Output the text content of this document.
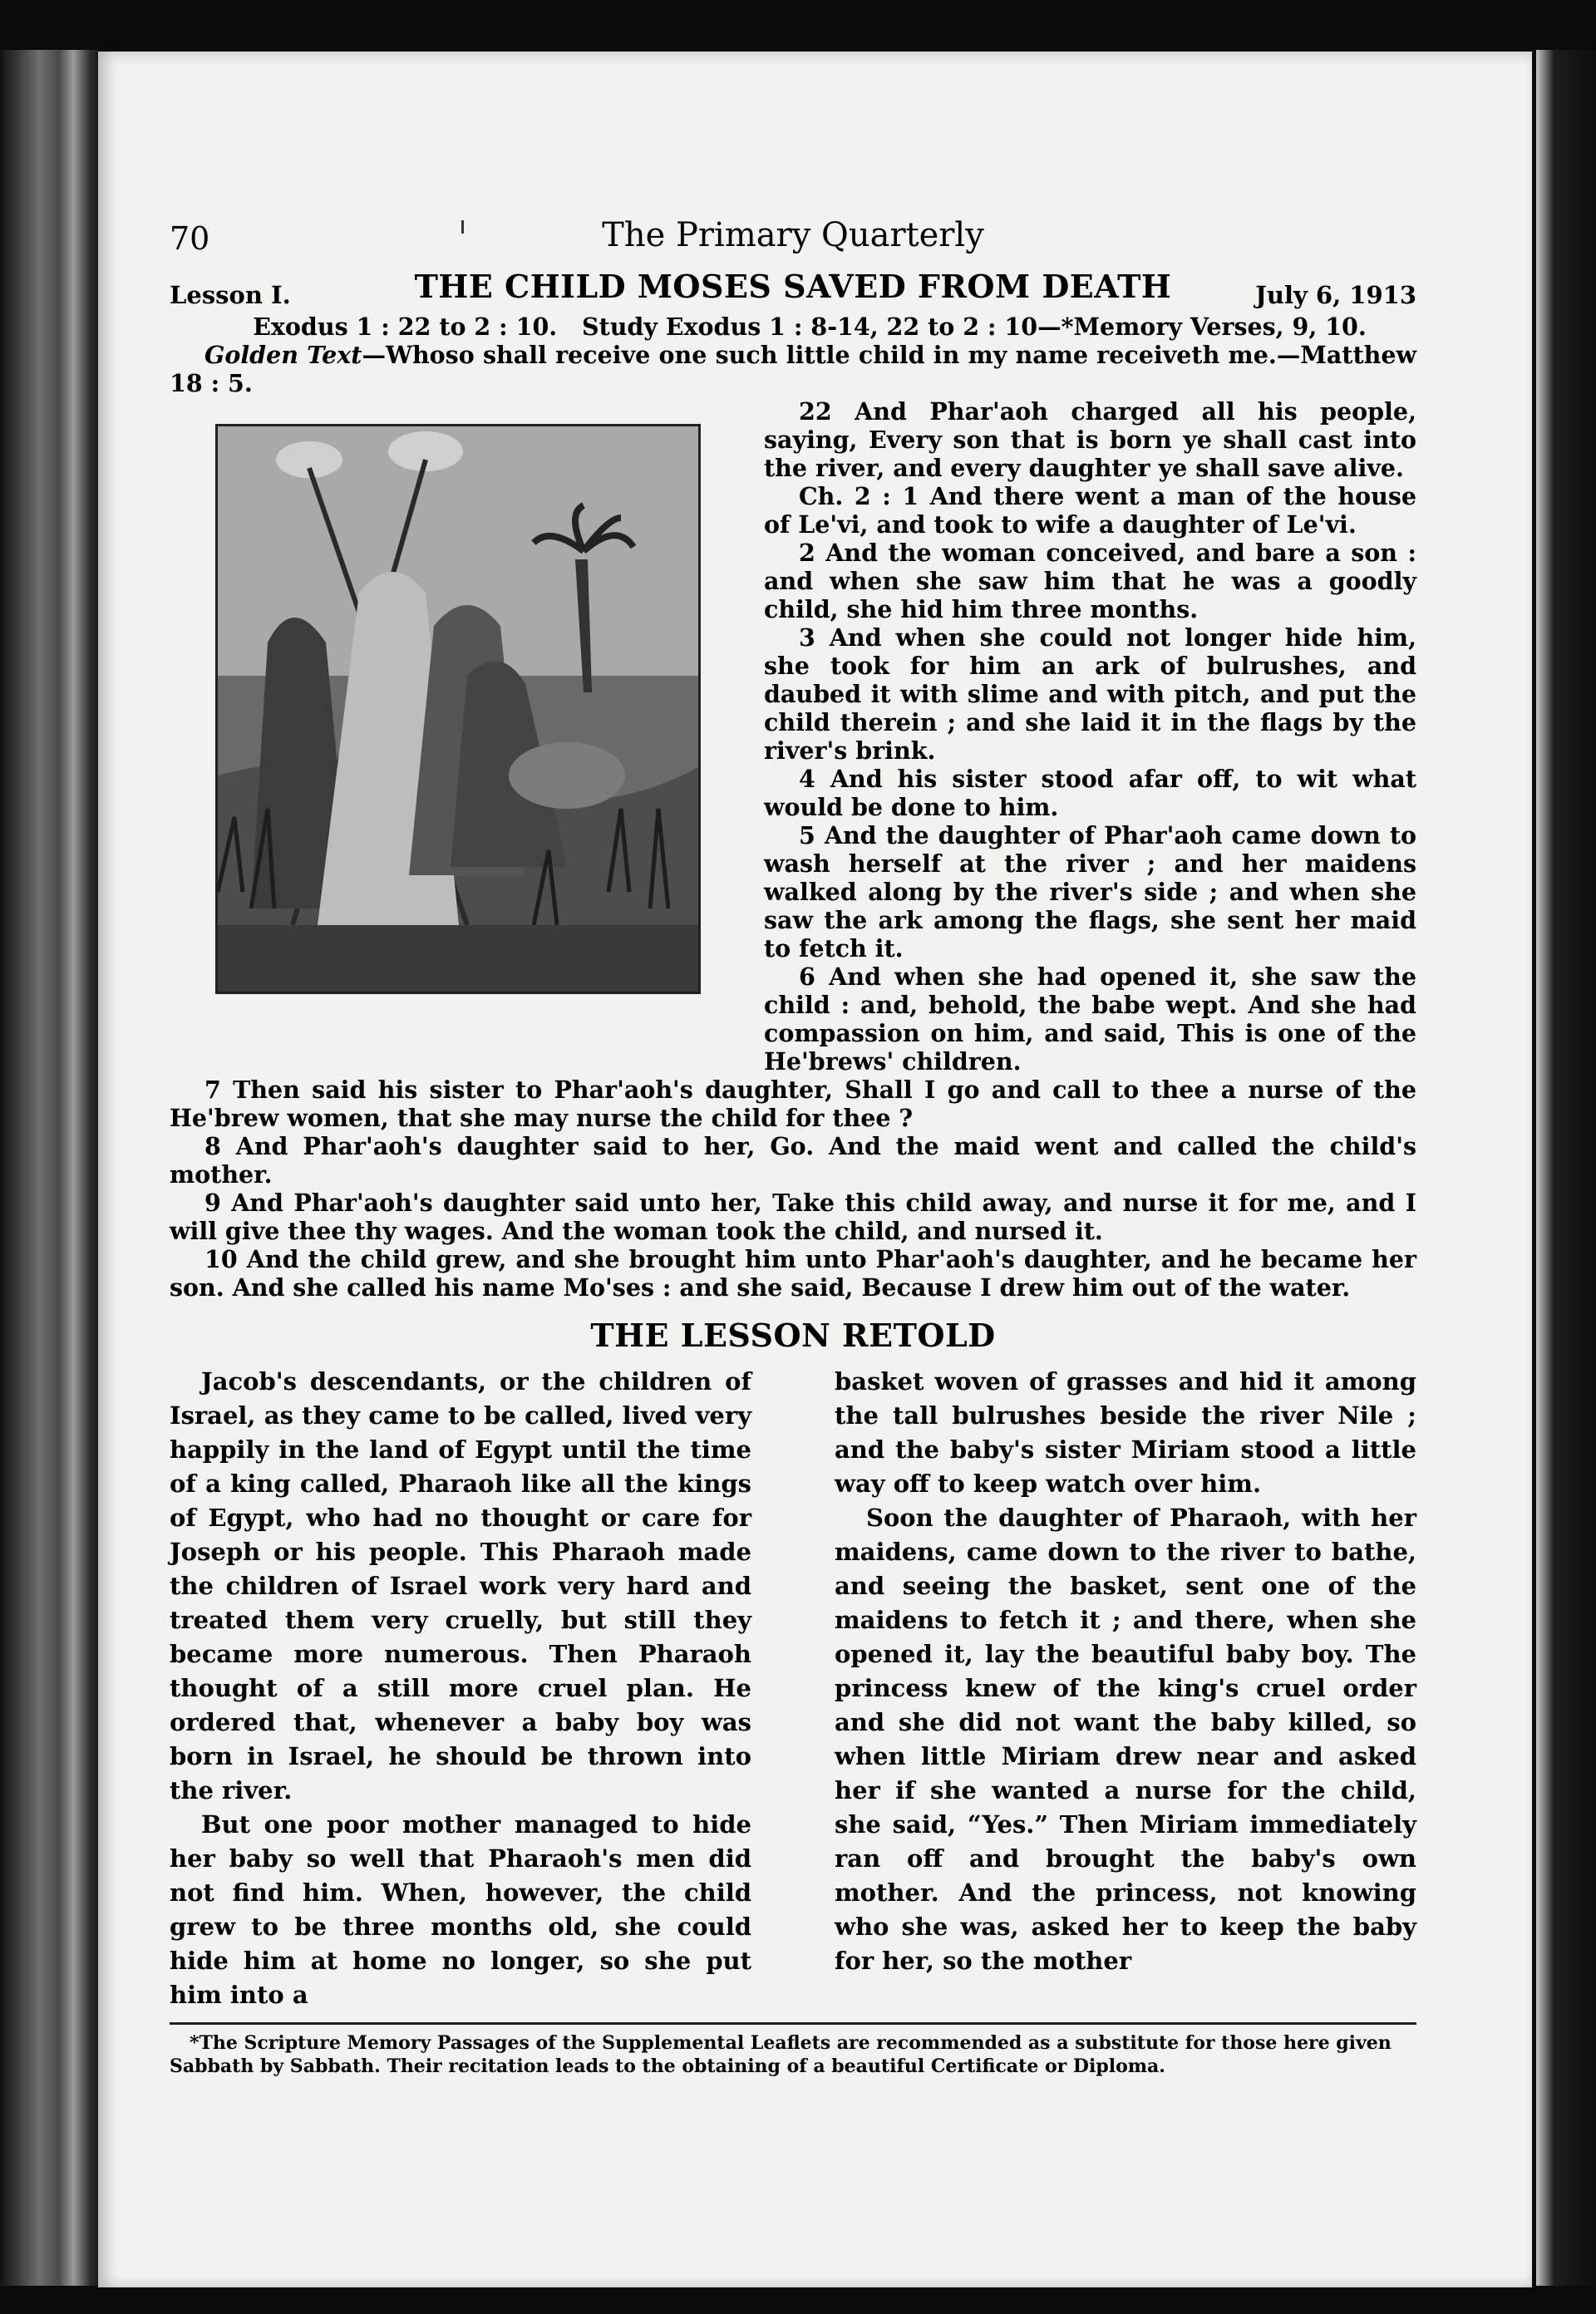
70	The Primary Quarterly
Lesson I.	THE CHILD MOSES SAVED FROM DEATH	July 6, 1913

Exodus 1 : 22 to 2 : 10.   Study Exodus 1 : 8-14, 22 to 2 : 10—*Memory Verses, 9, 10.

Golden Text—Whoso shall receive one such little child in my name receiveth me.—Matthew 18 : 5.

22 And Phar'aoh charged all his people, saying, Every son that is born ye shall cast into the river, and every daughter ye shall save alive.

Ch. 2 : 1 And there went a man of the house of Le'vi, and took to wife a daughter of Le'vi.

2 And the woman conceived, and bare a son : and when she saw him that he was a goodly child, she hid him three months.

3 And when she could not longer hide him, she took for him an ark of bulrushes, and daubed it with slime and with pitch, and put the child therein ; and she laid it in the flags by the river's brink.

4 And his sister stood afar off, to wit what would be done to him.

5 And the daughter of Phar'aoh came down to wash herself at the river ; and her maidens walked along by the river's side ; and when she saw the ark among the flags, she sent her maid to fetch it.

6 And when she had opened it, she saw the child : and, behold, the babe wept. And she had compassion on him, and said, This is one of the He'brews' children.

7 Then said his sister to Phar'aoh's daughter, Shall I go and call to thee a nurse of the He'brew women, that she may nurse the child for thee ?

8 And Phar'aoh's daughter said to her, Go. And the maid went and called the child's mother.

9 And Phar'aoh's daughter said unto her, Take this child away, and nurse it for me, and I will give thee thy wages. And the woman took the child, and nursed it.

10 And the child grew, and she brought him unto Phar'aoh's daughter, and he became her son. And she called his name Mo'ses : and she said, Because I drew him out of the water.

THE LESSON RETOLD

Jacob's descendants, or the children of Israel, as they came to be called, lived very happily in the land of Egypt until the time of a king called, Pharaoh like all the kings of Egypt, who had no thought or care for Joseph or his people. This Pharaoh made the children of Israel work very hard and treated them very cruelly, but still they became more numerous. Then Pharaoh thought of a still more cruel plan. He ordered that, whenever a baby boy was born in Israel, he should be thrown into the river.

But one poor mother managed to hide her baby so well that Pharaoh's men did not find him. When, however, the child grew to be three months old, she could hide him at home no longer, so she put him into a

basket woven of grasses and hid it among the tall bulrushes beside the river Nile ; and the baby's sister Miriam stood a little way off to keep watch over him.

Soon the daughter of Pharaoh, with her maidens, came down to the river to bathe, and seeing the basket, sent one of the maidens to fetch it ; and there, when she opened it, lay the beautiful baby boy. The princess knew of the king's cruel order and she did not want the baby killed, so when little Miriam drew near and asked her if she wanted a nurse for the child, she said, “Yes.” Then Miriam immediately ran off and brought the baby's own mother. And the princess, not knowing who she was, asked her to keep the baby for her, so the mother

*The Scripture Memory Passages of the Supplemental Leaflets are recommended as a substitute for those here given Sabbath by Sabbath. Their recitation leads to the obtaining of a beautiful Certificate or Diploma.
